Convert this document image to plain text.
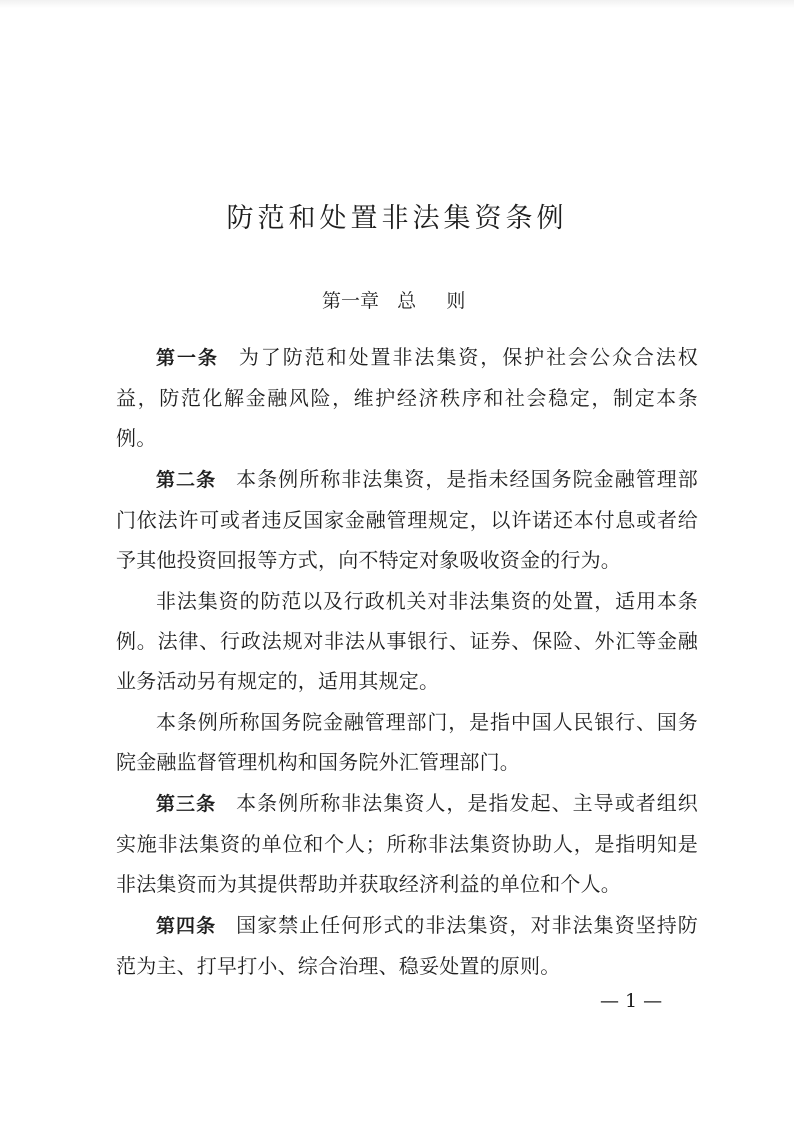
防范和处置非法集资条例

第一章   总     则

第一条 为了防范和处置非法集资，保护社会公众合法权益，防范化解金融风险，维护经济秩序和社会稳定，制定本条例。

第二条 本条例所称非法集资，是指未经国务院金融管理部门依法许可或者违反国家金融管理规定，以许诺还本付息或者给予其他投资回报等方式，向不特定对象吸收资金的行为。

非法集资的防范以及行政机关对非法集资的处置，适用本条例。法律、行政法规对非法从事银行、证券、保险、外汇等金融业务活动另有规定的，适用其规定。

本条例所称国务院金融管理部门，是指中国人民银行、国务院金融监督管理机构和国务院外汇管理部门。

第三条 本条例所称非法集资人，是指发起、主导或者组织实施非法集资的单位和个人；所称非法集资协助人，是指明知是非法集资而为其提供帮助并获取经济利益的单位和个人。

第四条 国家禁止任何形式的非法集资，对非法集资坚持防范为主、打早打小、综合治理、稳妥处置的原则。

— 1 —
